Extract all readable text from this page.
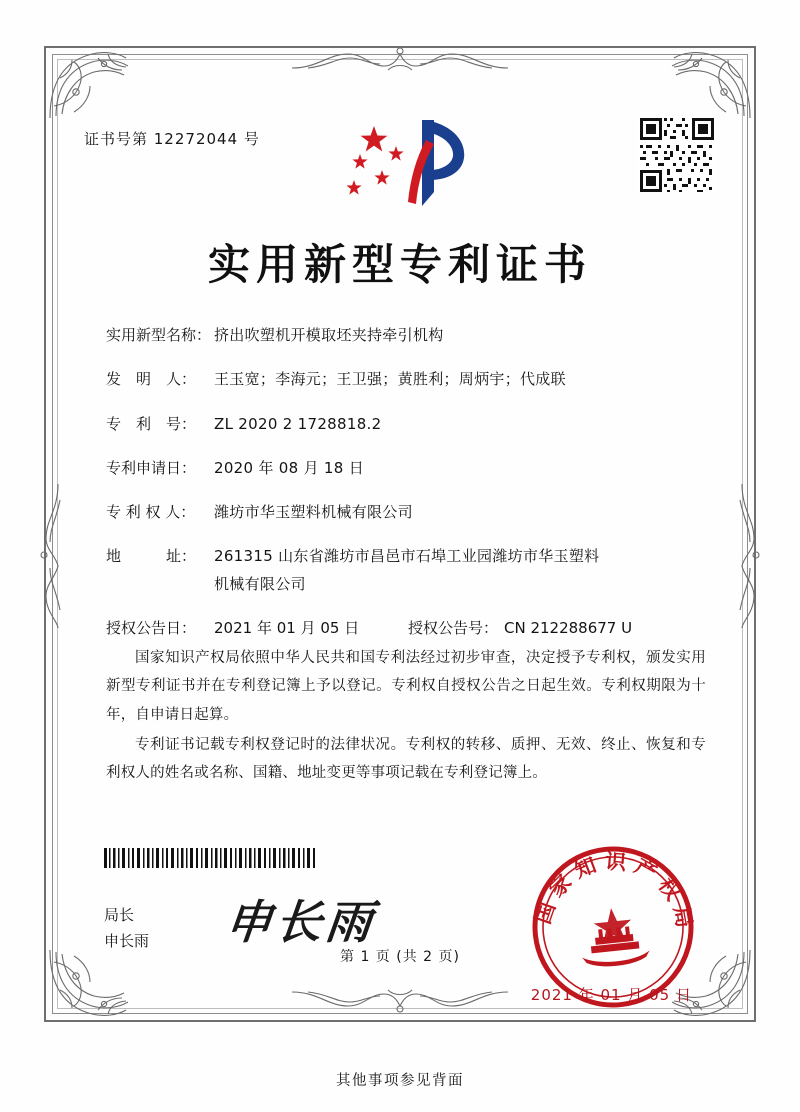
证书号第 12272044 号
实用新型专利证书
实用新型名称： 挤出吹塑机开模取坯夹持牵引机构
发　明　人：	王玉宽；李海元；王卫强；黄胜利；周炳宇；代成联
专　利　号：	ZL 2020 2 1728818.2
专利申请日：	2020 年 08 月 18 日
专 利 权 人：	潍坊市华玉塑料机械有限公司
地　　　址：	261315 山东省潍坊市昌邑市石埠工业园潍坊市华玉塑料
机械有限公司
授权公告日：	2021 年 01 月 05 日	授权公告号： CN 212288677 U

国家知识产权局依照中华人民共和国专利法经过初步审查，决定授予专利权，颁发实用新型专利证书并在专利登记簿上予以登记。专利权自授权公告之日起生效。专利权期限为十年，自申请日起算。

专利证书记载专利权登记时的法律状况。专利权的转移、质押、无效、终止、恢复和专利权人的姓名或名称、国籍、地址变更等事项记载在专利登记簿上。

局长
申长雨 申长雨	国家知识产权局
2021 年 01 月 05 日
第 1 页 (共 2 页)
其他事项参见背面
